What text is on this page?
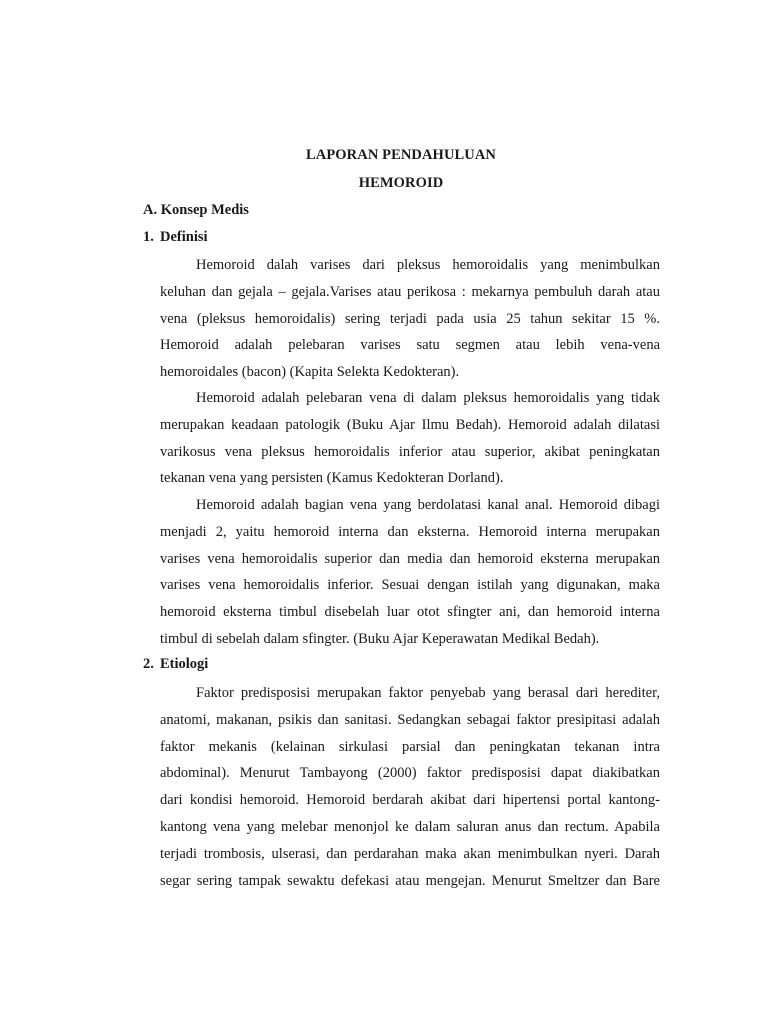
LAPORAN PENDAHULUAN
HEMOROID
A. Konsep Medis
1. Definisi
Hemoroid dalah varises dari pleksus hemoroidalis yang menimbulkan
keluhan dan gejala – gejala.Varises atau perikosa : mekarnya pembuluh darah atau
vena (pleksus hemoroidalis) sering terjadi pada usia 25 tahun sekitar 15 %.
Hemoroid adalah pelebaran varises satu segmen atau lebih vena-vena
hemoroidales (bacon) (Kapita Selekta Kedokteran).
Hemoroid adalah pelebaran vena di dalam pleksus hemoroidalis yang tidak
merupakan keadaan patologik (Buku Ajar Ilmu Bedah). Hemoroid adalah dilatasi
varikosus vena pleksus hemoroidalis inferior atau superior, akibat peningkatan
tekanan vena yang persisten (Kamus Kedokteran Dorland).
Hemoroid adalah bagian vena yang berdolatasi kanal anal. Hemoroid dibagi
menjadi 2, yaitu hemoroid interna dan eksterna. Hemoroid interna merupakan
varises vena hemoroidalis superior dan media dan hemoroid eksterna merupakan
varises vena hemoroidalis inferior. Sesuai dengan istilah yang digunakan, maka
hemoroid eksterna timbul disebelah luar otot sfingter ani, dan hemoroid interna
timbul di sebelah dalam sfingter. (Buku Ajar Keperawatan Medikal Bedah).
2. Etiologi
Faktor predisposisi merupakan faktor penyebab yang berasal dari herediter,
anatomi, makanan, psikis dan sanitasi. Sedangkan sebagai faktor presipitasi adalah
faktor mekanis (kelainan sirkulasi parsial dan peningkatan tekanan intra
abdominal). Menurut Tambayong (2000) faktor predisposisi dapat diakibatkan
dari kondisi hemoroid. Hemoroid berdarah akibat dari hipertensi portal kantong-
kantong vena yang melebar menonjol ke dalam saluran anus dan rectum. Apabila
terjadi trombosis, ulserasi, dan perdarahan maka akan menimbulkan nyeri. Darah
segar sering tampak sewaktu defekasi atau mengejan. Menurut Smeltzer dan Bare
